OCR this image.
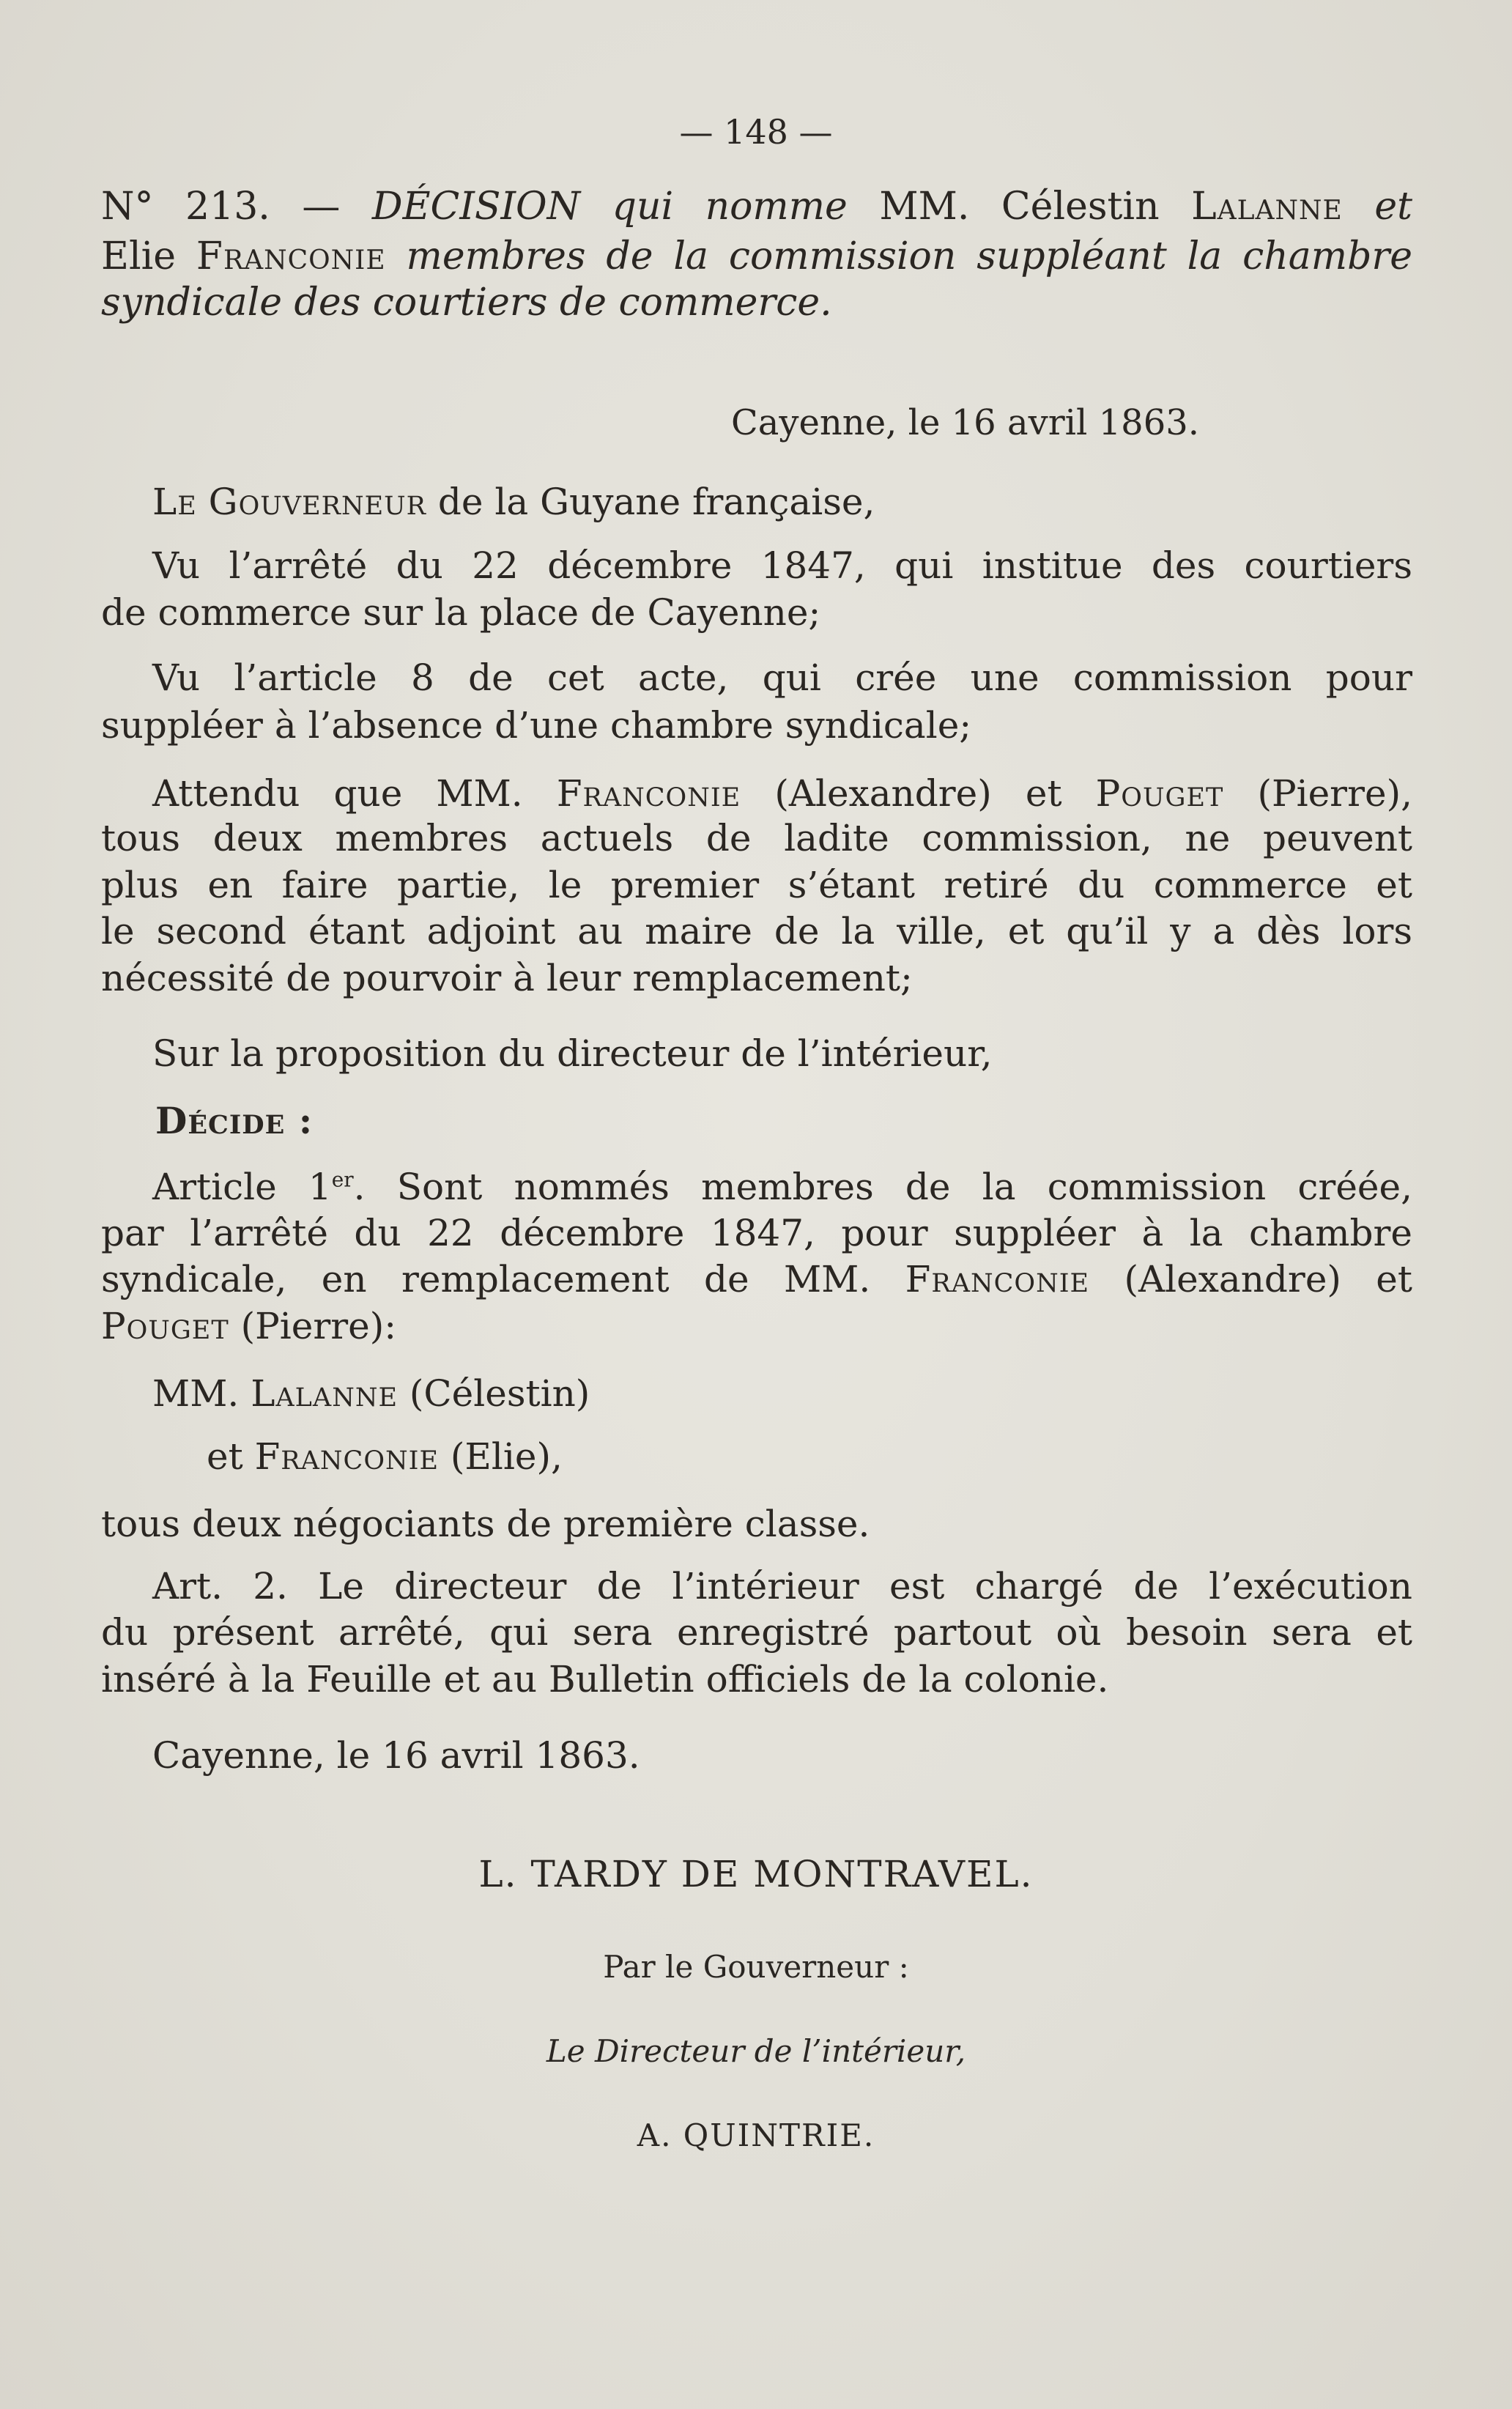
— 148 —
N° 213. — DÉCISION qui nomme MM. Célestin Lalanne et
Elie Franconie membres de la commission suppléant la chambre
syndicale des courtiers de commerce.
Cayenne, le 16 avril 1863.
Le Gouverneur de la Guyane française,
Vu l’arrêté du 22 décembre 1847, qui institue des courtiers
de commerce sur la place de Cayenne;
Vu l’article 8 de cet acte, qui crée une commission pour
suppléer à l’absence d’une chambre syndicale;
Attendu que MM. Franconie (Alexandre) et Pouget (Pierre),
tous deux membres actuels de ladite commission, ne peuvent
plus en faire partie, le premier s’étant retiré du commerce et
le second étant adjoint au maire de la ville, et qu’il y a dès lors
nécessité de pourvoir à leur remplacement;
Sur la proposition du directeur de l’intérieur,
Décide :
Article 1er. Sont nommés membres de la commission créée,
par l’arrêté du 22 décembre 1847, pour suppléer à la chambre
syndicale, en remplacement de MM. Franconie (Alexandre) et
Pouget (Pierre):
MM. Lalanne (Célestin)
et Franconie (Elie),
tous deux négociants de première classe.
Art. 2. Le directeur de l’intérieur est chargé de l’exécution
du présent arrêté, qui sera enregistré partout où besoin sera et
inséré à la Feuille et au Bulletin officiels de la colonie.
Cayenne, le 16 avril 1863.
L. TARDY DE MONTRAVEL.
Par le Gouverneur :
Le Directeur de l’intérieur,
A. QUINTRIE.
